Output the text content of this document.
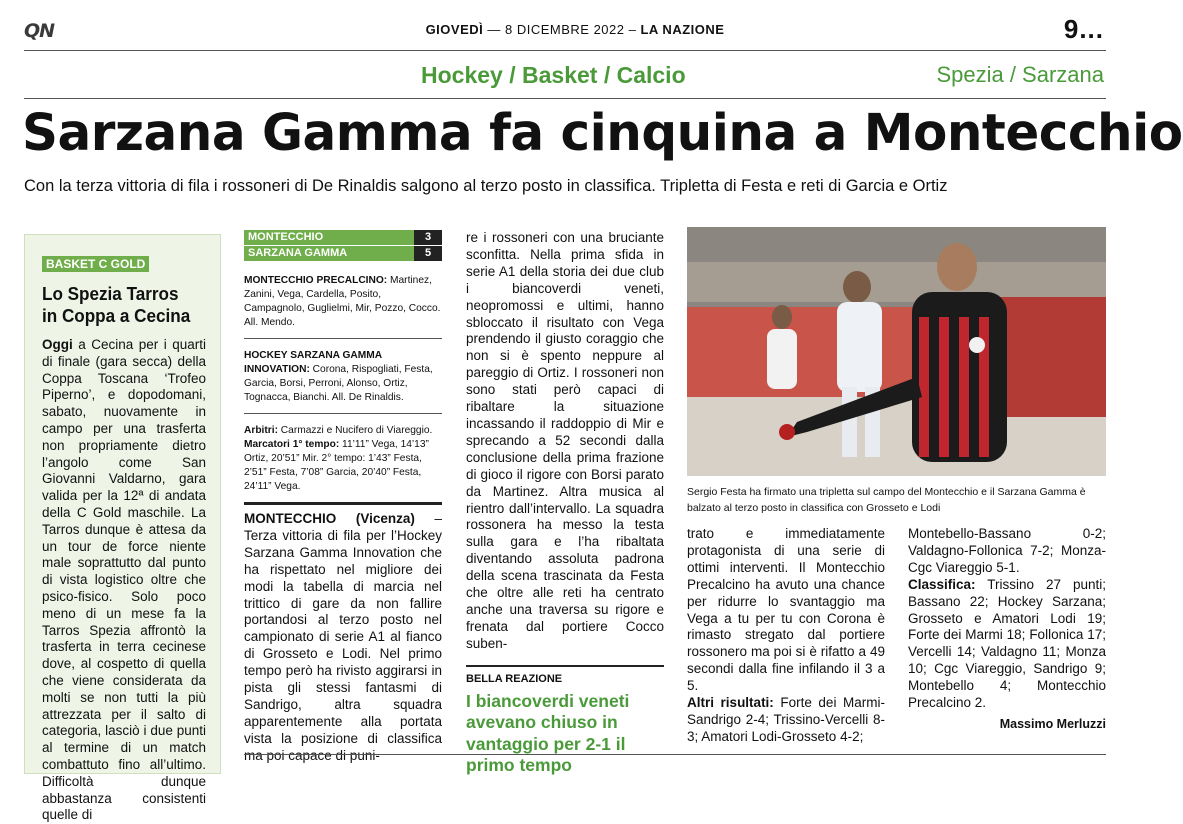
QN	GIOVEDÌ — 8 DICEMBRE 2022 – LA NAZIONE	9...
Hockey / Basket / Calcio	Spezia / Sarzana
Sarzana Gamma fa cinquina a Montecchio
Con la terza vittoria di fila i rossoneri di De Rinaldis salgono al terzo posto in classifica. Tripletta di Festa e reti di Garcia e Ortiz
BASKET C GOLD
Lo Spezia Tarros in Coppa a Cecina

Oggi a Cecina per i quarti di finale (gara secca) della Coppa Toscana ‘Trofeo Piperno’, e dopodomani, sabato, nuovamente in campo per una trasferta non propriamente dietro l’angolo come San Giovanni Valdarno, gara valida per la 12ª di andata della C Gold maschile. La Tarros dunque è attesa da un tour de force niente male soprattutto dal punto di vista logistico oltre che psico-fisico. Solo poco meno di un mese fa la Tarros Spezia affrontò la trasferta in terra cecinese dove, al cospetto di quella che viene considerata da molti se non tutti la più attrezzata per il salto di categoria, lasciò i due punti al termine di un match combattuto fino all’ultimo. Difficoltà dunque abbastanza consistenti quelle di

MONTECCHIO	3
SARZANA GAMMA	5

MONTECCHIO PRECALCINO: Martinez, Zanini, Vega, Cardella, Posito, Campagnolo, Guglielmi, Mir, Pozzo, Cocco. All. Mendo.

HOCKEY SARZANA GAMMA INNOVATION: Corona, Rispogliati, Festa, Garcia, Borsi, Perroni, Alonso, Ortiz, Tognacca, Bianchi. All. De Rinaldis.

Arbitri: Carmazzi e Nucifero di Viareggio.
Marcatori 1° tempo: 11’11” Vega, 14’13” Ortiz, 20’51” Mir. 2° tempo: 1’43” Festa, 2’51” Festa, 7’08” Garcia, 20’40” Festa, 24’11” Vega.

MONTECCHIO (Vicenza) – Terza vittoria di fila per l’Hockey Sarzana Gamma Innovation che ha rispettato nel migliore dei modi la tabella di marcia nel trittico di gare da non fallire portandosi al terzo posto nel campionato di serie A1 al fianco di Grosseto e Lodi. Nel primo tempo però ha rivisto aggirarsi in pista gli stessi fantasmi di Sandrigo, altra squadra apparentemente alla portata vista la posizione di classifica ma poi capace di puni-

re i rossoneri con una bruciante sconfitta. Nella prima sfida in serie A1 della storia dei due club i biancoverdi veneti, neopromossi e ultimi, hanno sbloccato il risultato con Vega prendendo il giusto coraggio che non si è spento neppure al pareggio di Ortiz. I rossoneri non sono stati però capaci di ribaltare la situazione incassando il raddoppio di Mir e sprecando a 52 secondi dalla conclusione della prima frazione di gioco il rigore con Borsi parato da Martinez. Altra musica al rientro dall’intervallo. La squadra rossonera ha messo la testa sulla gara e l’ha ribaltata diventando assoluta padrona della scena trascinata da Festa che oltre alle reti ha centrato anche una traversa su rigore e frenata dal portiere Cocco suben-

BELLA REAZIONE
I biancoverdi veneti avevano chiuso in vantaggio per 2-1 il primo tempo
Sergio Festa ha firmato una tripletta sul campo del Montecchio e il Sarzana Gamma è balzato al terzo posto in classifica con Grosseto e Lodi

trato e immediatamente protagonista di una serie di ottimi interventi. Il Montecchio Precalcino ha avuto una chance per ridurre lo svantaggio ma Vega a tu per tu con Corona è rimasto stregato dal portiere rossonero ma poi si è rifatto a 49 secondi dalla fine infilando il 3 a 5.

Altri risultati: Forte dei Marmi-Sandrigo 2-4; Trissino-Vercelli 8-3; Amatori Lodi-Grosseto 4-2;

Montebello-Bassano 0-2; Valdagno-Follonica 7-2; Monza-Cgc Viareggio 5-1.

Classifica: Trissino 27 punti; Bassano 22; Hockey Sarzana; Grosseto e Amatori Lodi 19; Forte dei Marmi 18; Follonica 17; Vercelli 14; Valdagno 11; Monza 10; Cgc Viareggio, Sandrigo 9; Montebello 4; Montecchio Precalcino 2.

Massimo Merluzzi
